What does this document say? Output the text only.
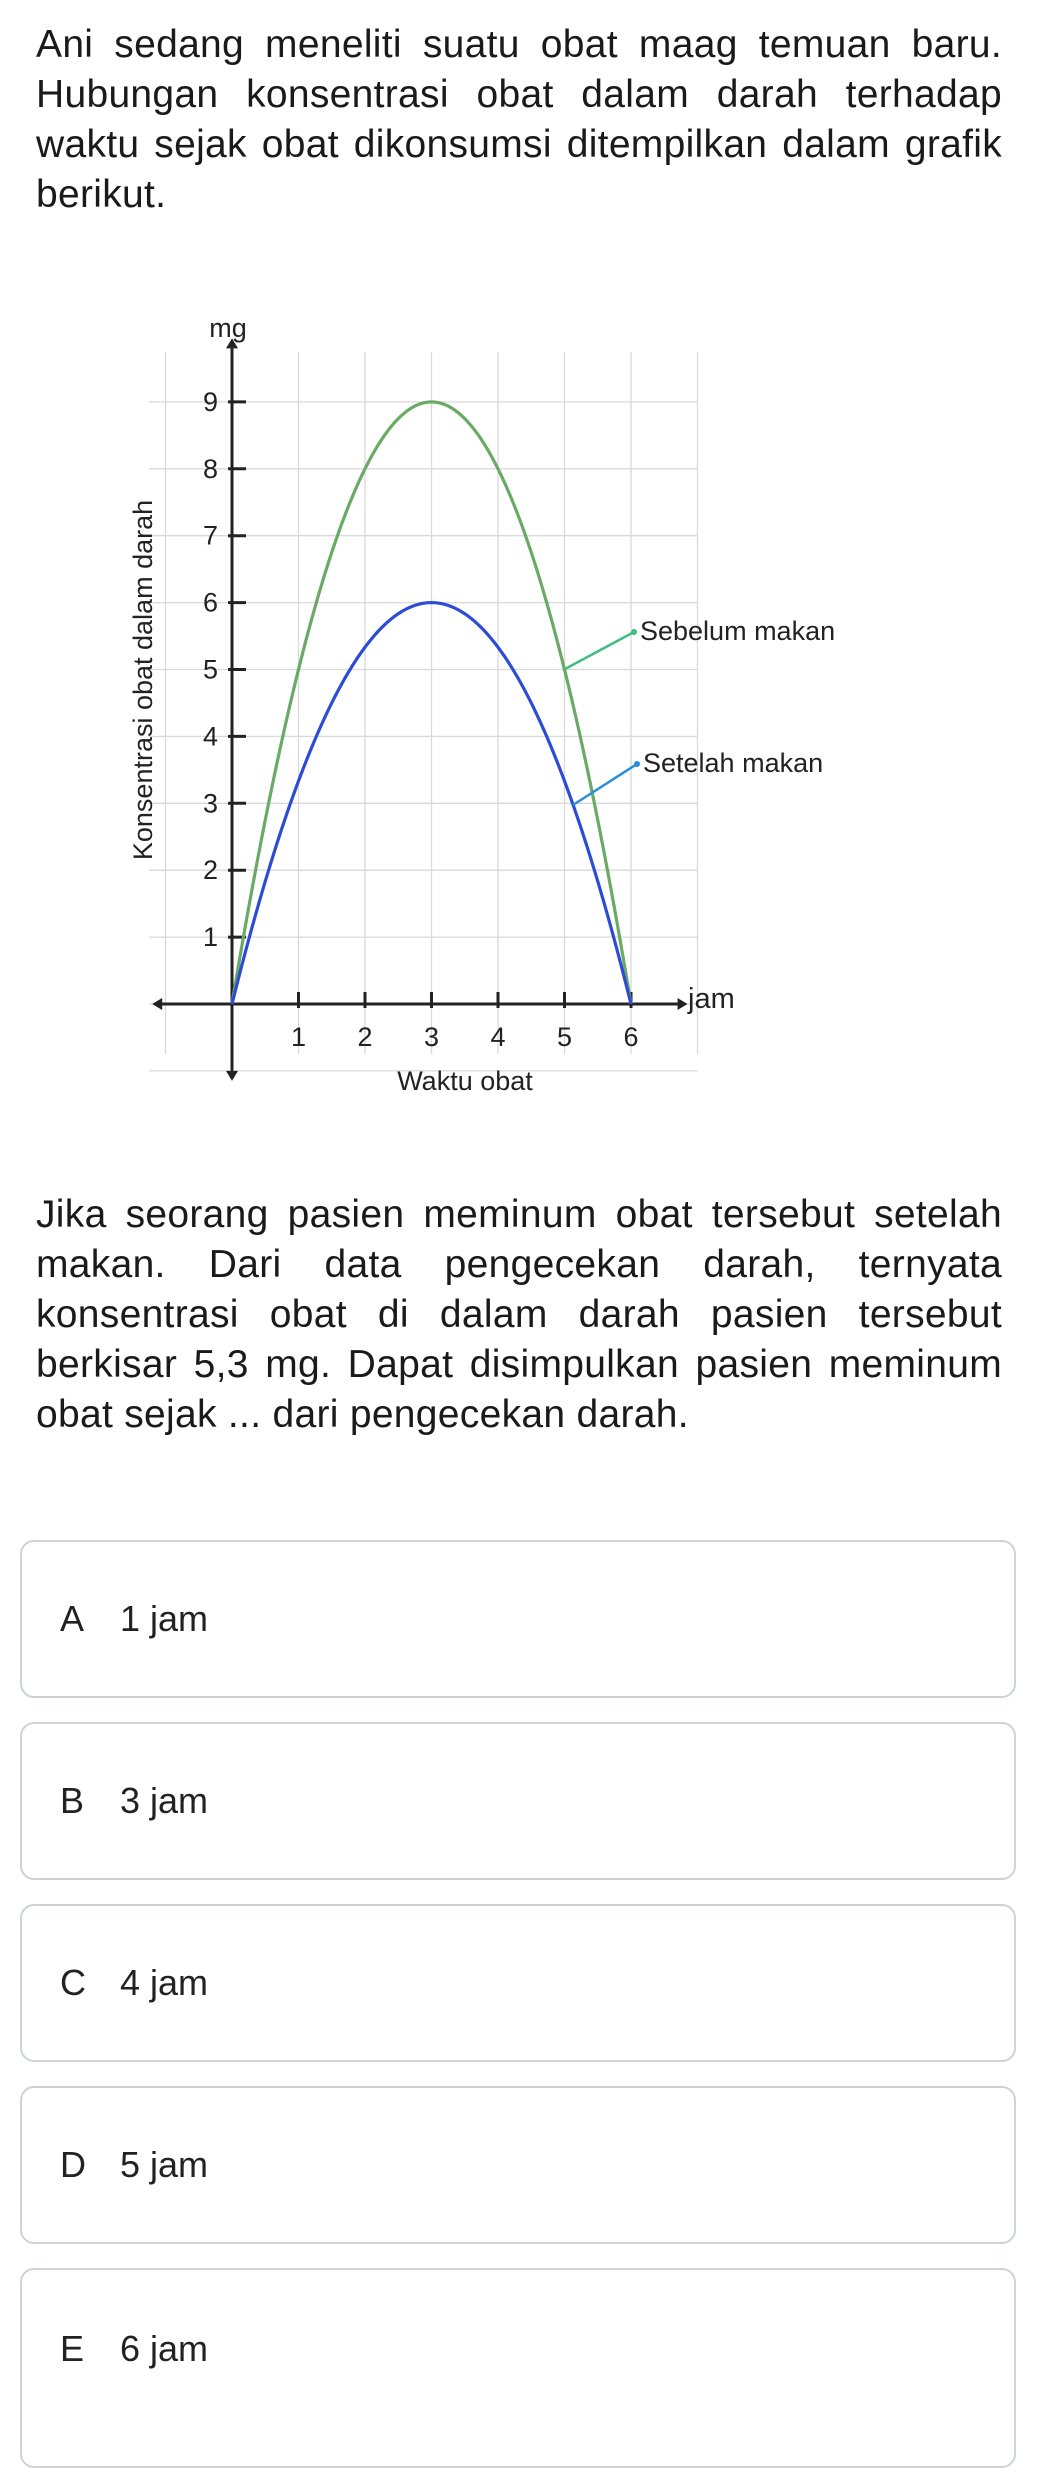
Ani sedang meneliti suatu obat maag temuan baru. Hubungan konsentrasi obat dalam darah terhadap waktu sejak obat dikonsumsi ditempilkan dalam grafik berikut.

1
2
3
4
5
6
7
8
9
1 2 3 4 5 6
mg
jam
Waktu obat
Konsentrasi obat dalam darah	Sebelum makan
Setelah makan

Jika seorang pasien meminum obat tersebut setelah makan. Dari data pengecekan darah, ternyata konsentrasi obat di dalam darah pasien tersebut berkisar 5,3 mg. Dapat disimpulkan pasien meminum obat sejak ... dari pengecekan darah.

A 1 jam
B 3 jam
C 4 jam
D 5 jam
E 6 jam
